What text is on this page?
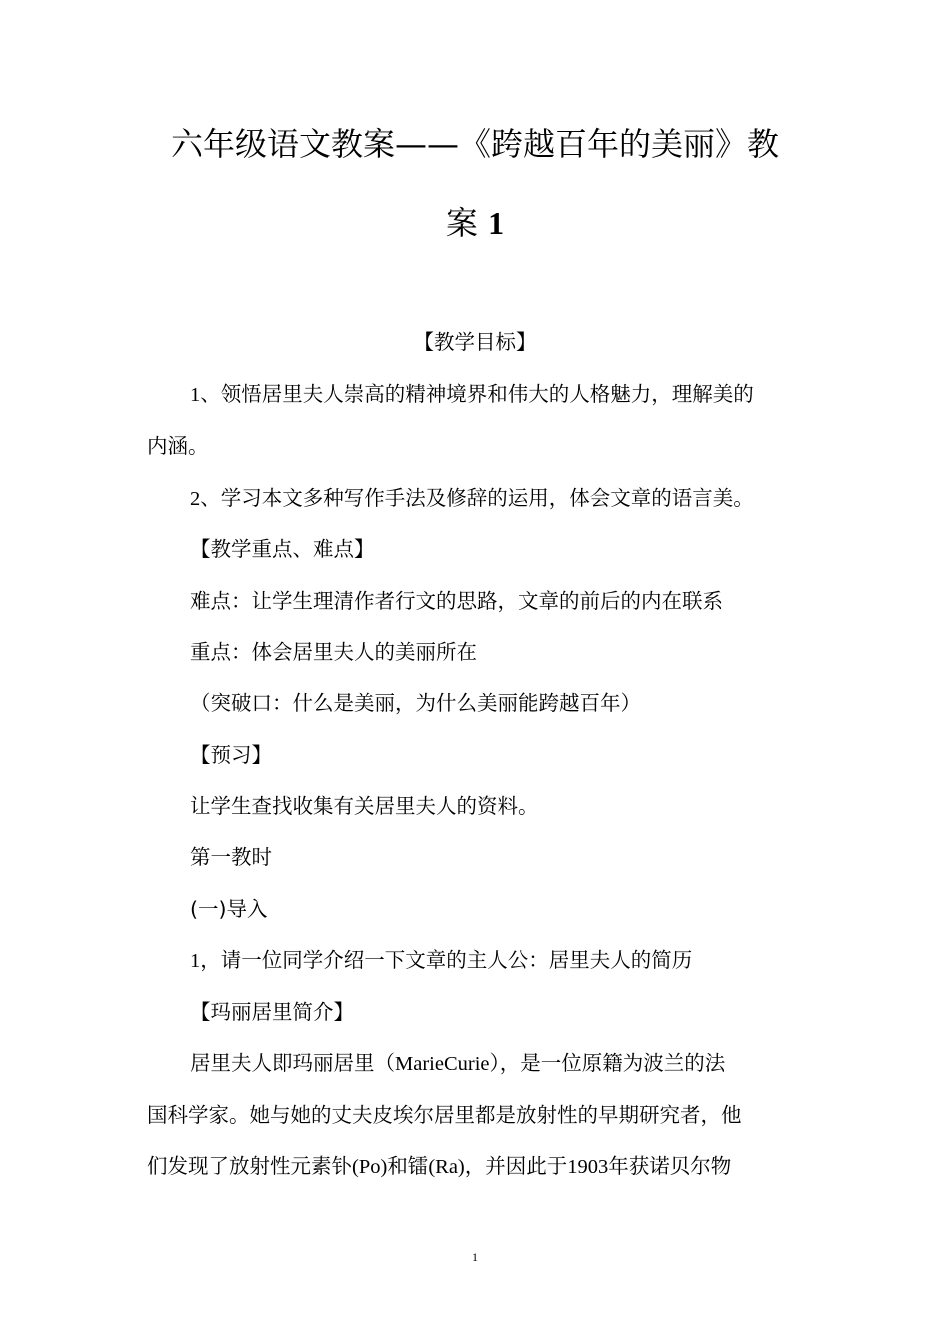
六年级语文教案——《跨越百年的美丽》教
案 1
【教学目标】
1、领悟居里夫人崇高的精神境界和伟大的人格魅力，理解美的
内涵。
2、学习本文多种写作手法及修辞的运用，体会文章的语言美。
【教学重点、难点】
难点：让学生理清作者行文的思路，文章的前后的内在联系
重点：体会居里夫人的美丽所在
（突破口：什么是美丽，为什么美丽能跨越百年）
【预习】
让学生查找收集有关居里夫人的资料。
第一教时
(一)导入
1，请一位同学介绍一下文章的主人公：居里夫人的简历
【玛丽居里简介】
居里夫人即玛丽居里（MarieCurie），是一位原籍为波兰的法
国科学家。她与她的丈夫皮埃尔居里都是放射性的早期研究者，他
们发现了放射性元素钋(Po)和镭(Ra)，并因此于1903年获诺贝尔物
1
